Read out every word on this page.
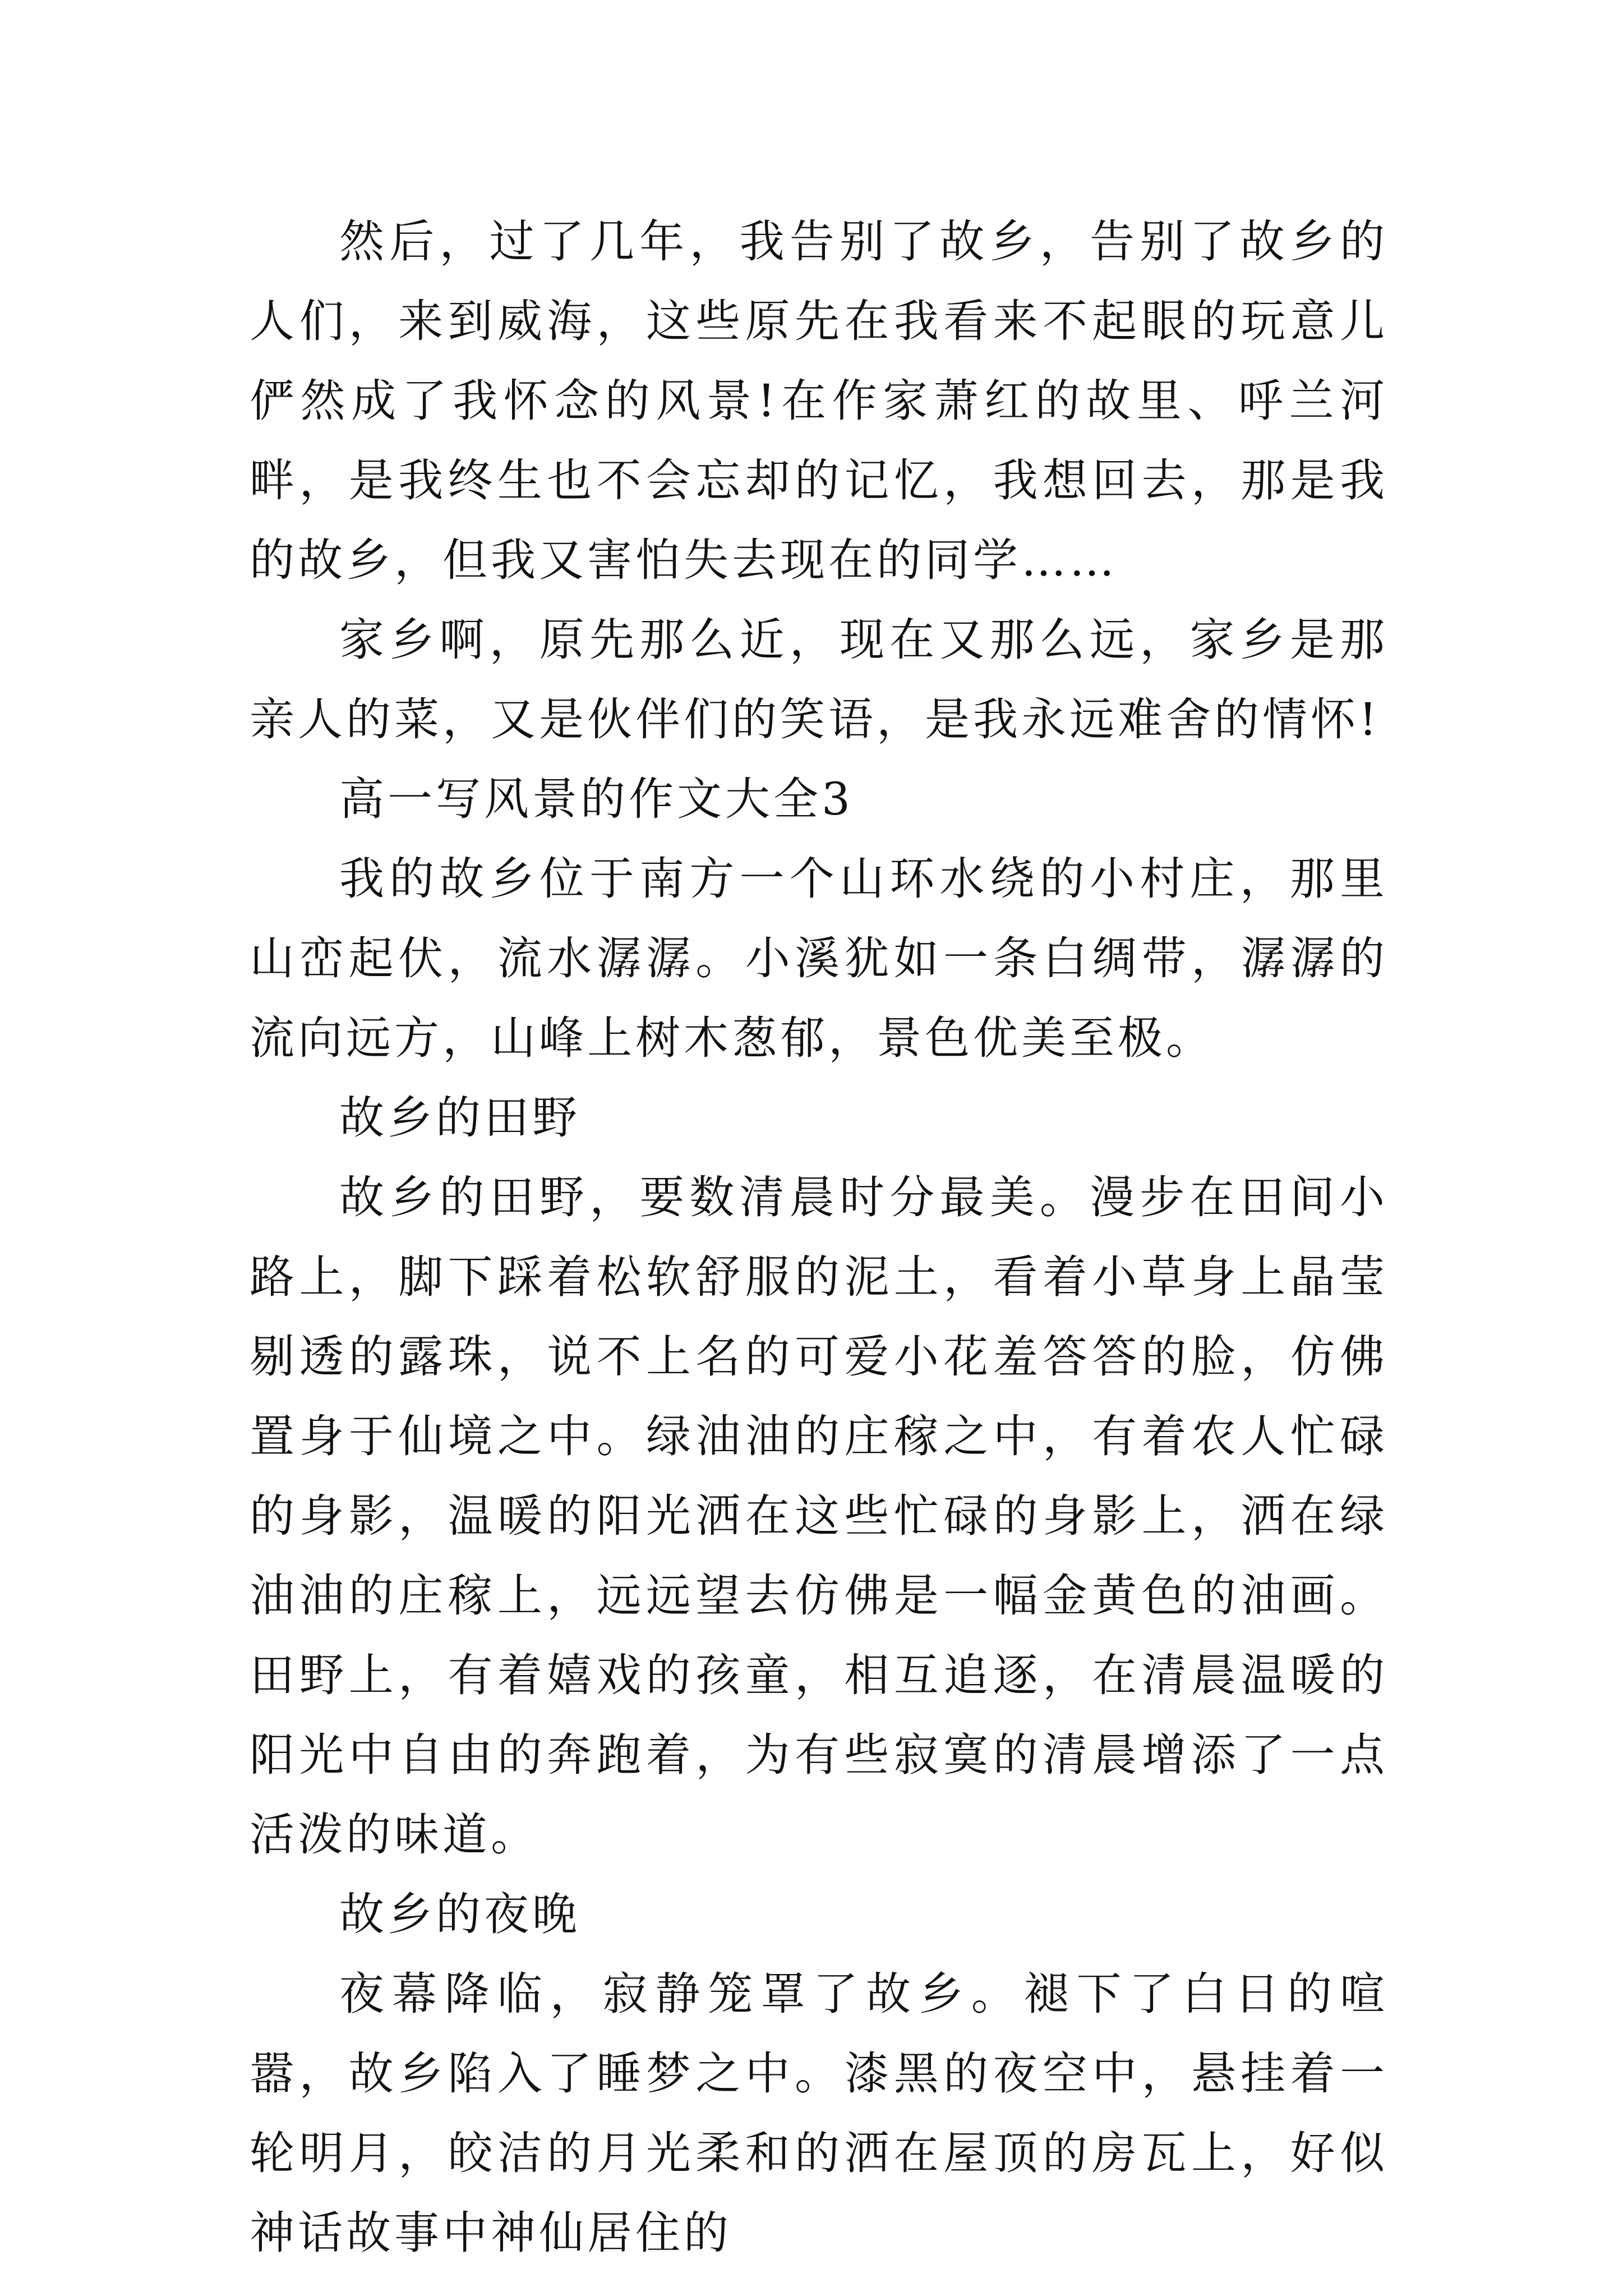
然后，过了几年，我告别了故乡，告别了故乡的人们，来到威海，这些原先在我看来不起眼的玩意儿俨然成了我怀念的风景!在作家萧红的故里、呼兰河畔，是我终生也不会忘却的记忆，我想回去，那是我的故乡，但我又害怕失去现在的同学……

家乡啊，原先那么近，现在又那么远，家乡是那亲人的菜，又是伙伴们的笑语，是我永远难舍的情怀!

高一写风景的作文大全3

我的故乡位于南方一个山环水绕的小村庄，那里山峦起伏，流水潺潺。小溪犹如一条白绸带，潺潺的流向远方，山峰上树木葱郁，景色优美至极。

故乡的田野

故乡的田野，要数清晨时分最美。漫步在田间小路上，脚下踩着松软舒服的泥土，看着小草身上晶莹剔透的露珠，说不上名的可爱小花羞答答的脸，仿佛置身于仙境之中。绿油油的庄稼之中，有着农人忙碌的身影，温暖的阳光洒在这些忙碌的身影上，洒在绿油油的庄稼上，远远望去仿佛是一幅金黄色的油画。田野上，有着嬉戏的孩童，相互追逐，在清晨温暖的阳光中自由的奔跑着，为有些寂寞的清晨增添了一点活泼的味道。

故乡的夜晚

夜幕降临，寂静笼罩了故乡。褪下了白日的喧嚣，故乡陷入了睡梦之中。漆黑的夜空中，悬挂着一轮明月，皎洁的月光柔和的洒在屋顶的房瓦上，好似神话故事中神仙居住的
